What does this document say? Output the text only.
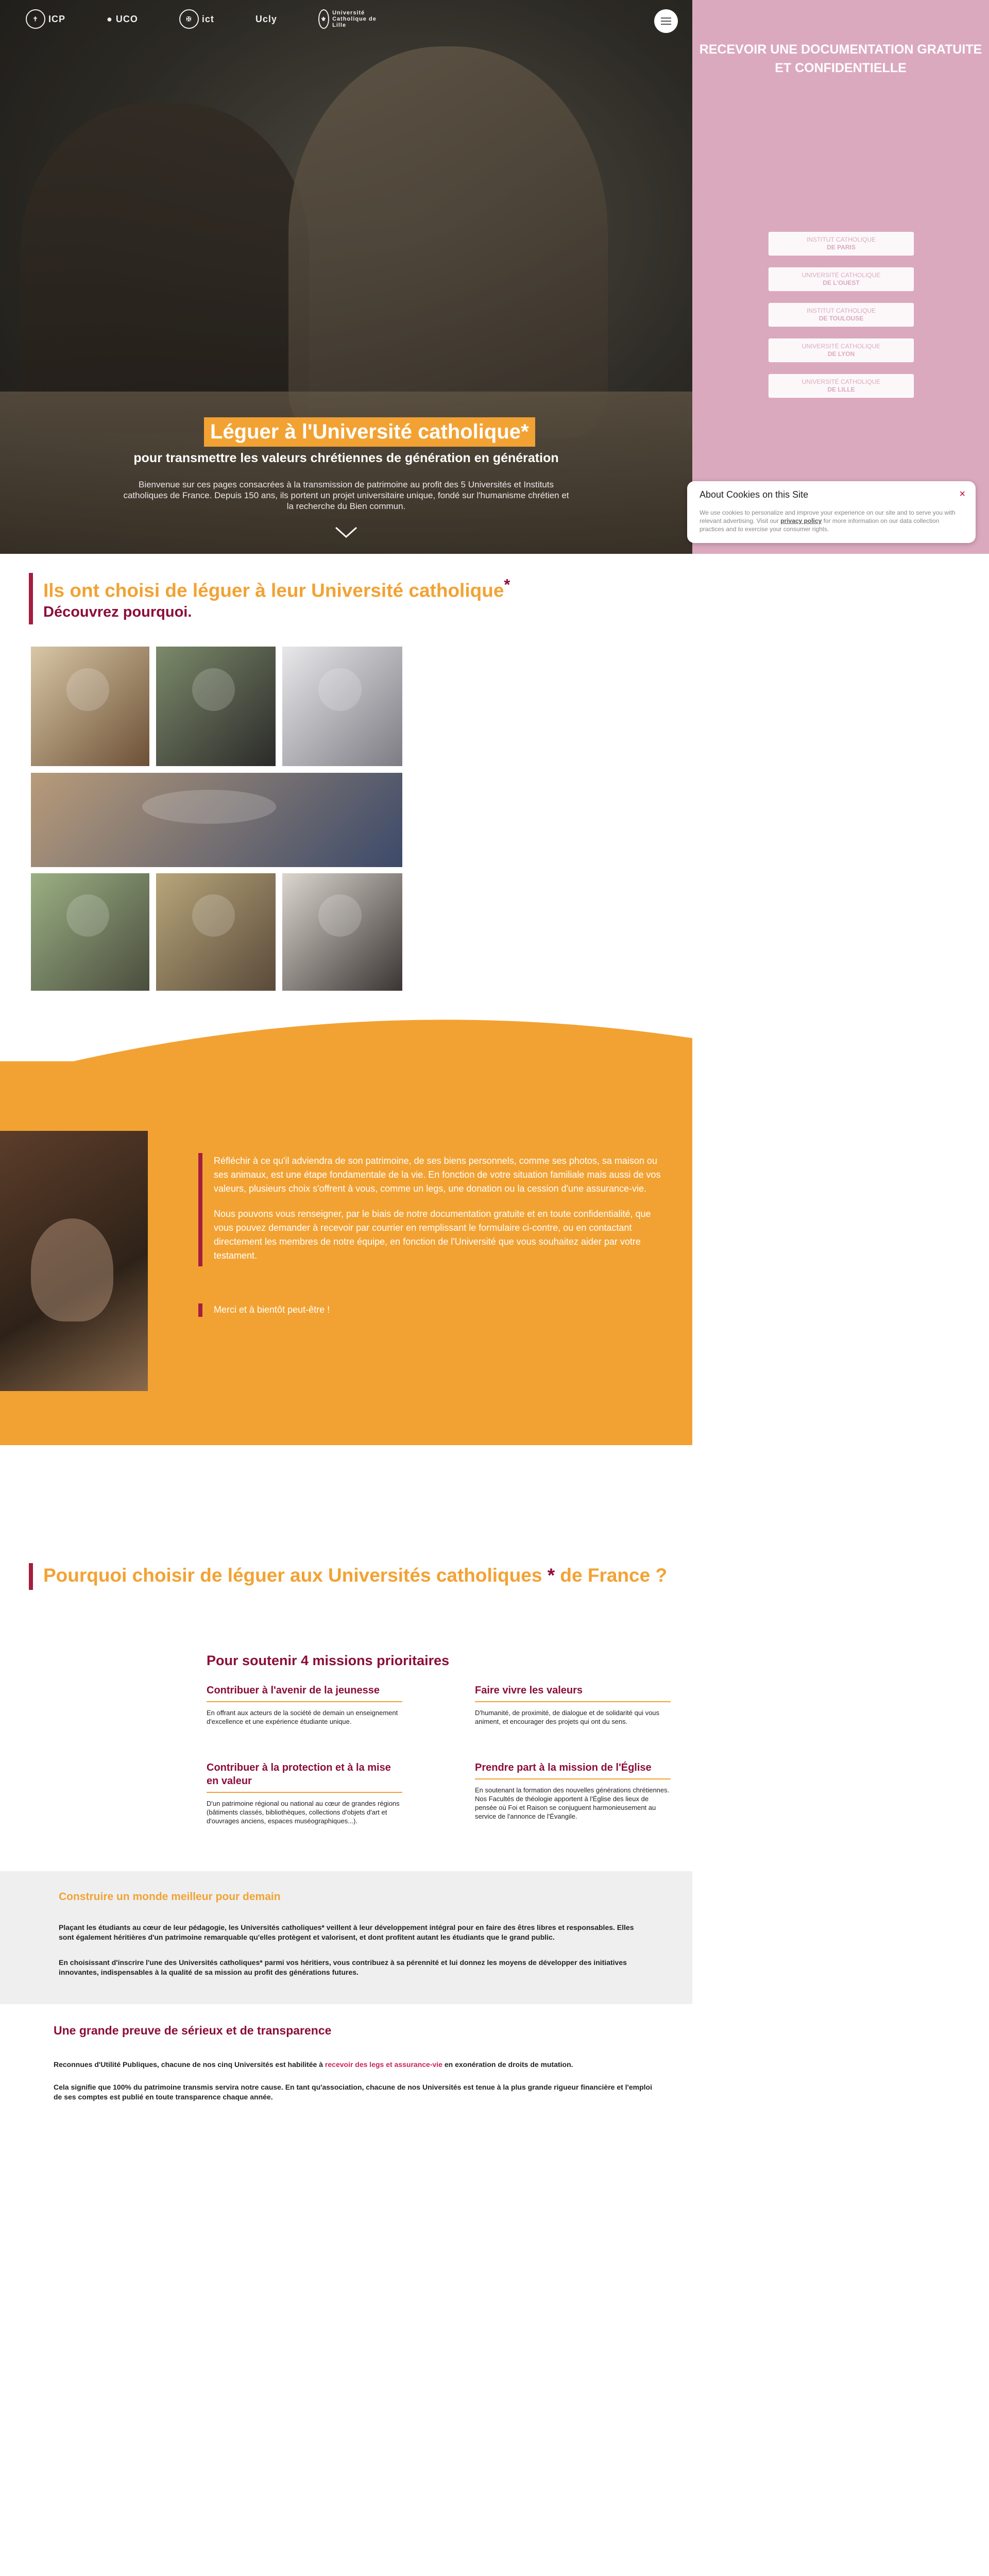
✝	ICP	● UCO	✠	ict	Ucly	⚜
Université Catholique de Lille
Léguer à l'Université catholique*
pour transmettre les valeurs chrétiennes de génération en génération
Bienvenue sur ces pages consacrées à la transmission de patrimoine au profit des 5 Universités et Instituts catholiques de France. Depuis 150 ans, ils portent un projet universitaire unique, fondé sur l'humanisme chrétien et la recherche du Bien commun.
RECEVOIR UNE DOCUMENTATION GRATUITE ET CONFIDENTIELLE
INSTITUT CATHOLIQUE
DE PARIS
UNIVERSITÉ CATHOLIQUE
DE L'OUEST
INSTITUT CATHOLIQUE
DE TOULOUSE
UNIVERSITÉ CATHOLIQUE
DE LYON
UNIVERSITÉ CATHOLIQUE
DE LILLE
About Cookies on this Site	×

We use cookies to personalize and improve your experience on our site and to serve you with relevant advertising. Visit our privacy policy for more information on our data collection practices and to exercise your consumer rights.

Ils ont choisi de léguer à leur Université catholique*
Découvrez pourquoi.

Réfléchir à ce qu'il adviendra de son patrimoine, de ses biens personnels, comme ses photos, sa maison ou ses animaux, est une étape fondamentale de la vie. En fonction de votre situation familiale mais aussi de vos valeurs, plusieurs choix s'offrent à vous, comme un legs, une donation ou la cession d'une assurance-vie.

Nous pouvons vous renseigner, par le biais de notre documentation gratuite et en toute confidentialité, que vous pouvez demander à recevoir par courrier en remplissant le formulaire ci-contre, ou en contactant directement les membres de notre équipe, en fonction de l'Université que vous souhaitez aider par votre testament.

Merci et à bientôt peut-être !
Pourquoi choisir de léguer aux Universités catholiques * de France ?
Pour soutenir 4 missions prioritaires
Contribuer à l'avenir de la jeunesse

En offrant aux acteurs de la société de demain un enseignement d'excellence et une expérience étudiante unique.

Faire vivre les valeurs

D'humanité, de proximité, de dialogue et de solidarité qui vous animent, et encourager des projets qui ont du sens.

Contribuer à la protection et à la mise en valeur

D'un patrimoine régional ou national au cœur de grandes régions (bâtiments classés, bibliothèques, collections d'objets d'art et d'ouvrages anciens, espaces muséographiques...).

Prendre part à la mission de l'Église

En soutenant la formation des nouvelles générations chrétiennes. Nos Facultés de théologie apportent à l'Église des lieux de pensée où Foi et Raison se conjuguent harmonieusement au service de l'annonce de l'Évangile.

Construire un monde meilleur pour demain

Plaçant les étudiants au cœur de leur pédagogie, les Universités catholiques* veillent à leur développement intégral pour en faire des êtres libres et responsables. Elles sont également héritières d'un patrimoine remarquable qu'elles protègent et valorisent, et dont profitent autant les étudiants que le grand public.

En choisissant d'inscrire l'une des Universités catholiques* parmi vos héritiers, vous contribuez à sa pérennité et lui donnez les moyens de développer des initiatives innovantes, indispensables à la qualité de sa mission au profit des générations futures.

Une grande preuve de sérieux et de transparence
Reconnues d'Utilité Publiques, chacune de nos cinq Universités est habilitée à recevoir des legs et assurance-vie en exonération de droits de mutation.
Cela signifie que 100% du patrimoine transmis servira notre cause. En tant qu'association, chacune de nos Universités est tenue à la plus grande rigueur financière et l'emploi de ses comptes est publié en toute transparence chaque année.
